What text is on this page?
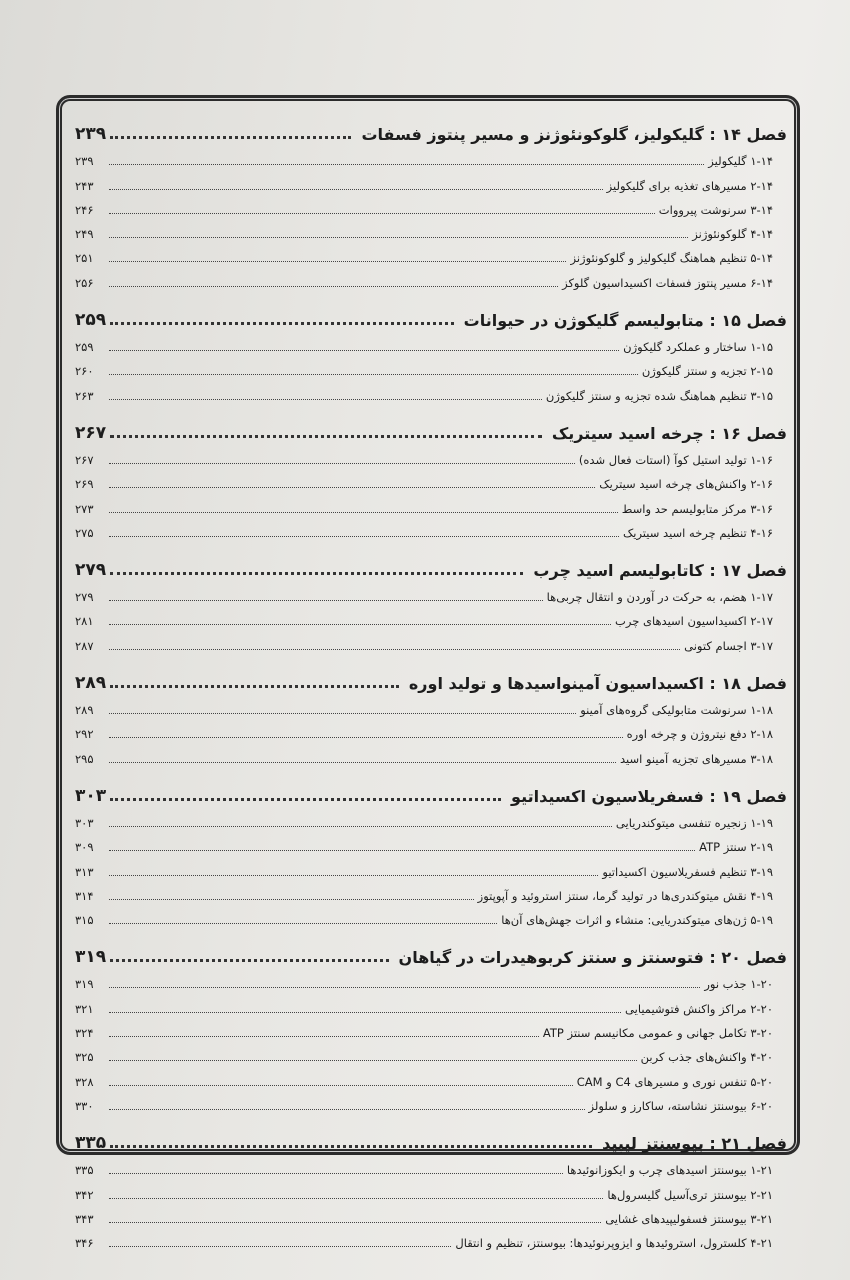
فصل ۱۴ : گلیکولیز، گلوکونئوژنز و مسیر پنتوز فسفات
۲۳۹
۱-۱۴ گلیکولیز
۲۳۹
۲-۱۴ مسیرهای تغذیه برای گلیکولیز
۲۴۳
۳-۱۴ سرنوشت پیرووات
۲۴۶
۴-۱۴ گلوکونئوژنز
۲۴۹
۵-۱۴ تنظیم هماهنگ گلیکولیز و گلوکونئوژنز
۲۵۱
۶-۱۴ مسیر پنتوز فسفات اکسیداسیون گلوکز
۲۵۶
فصل ۱۵ : متابولیسم گلیکوژن در حیوانات
۲۵۹
۱-۱۵ ساختار و عملکرد گلیکوژن
۲۵۹
۲-۱۵ تجزیه و سنتز گلیکوژن
۲۶۰
۳-۱۵ تنظیم هماهنگ شده تجزیه و سنتز گلیکوژن
۲۶۳
فصل ۱۶ : چرخه اسید سیتریک
۲۶۷
۱-۱۶ تولید استیل کوآ (استات فعال شده)
۲۶۷
۲-۱۶ واکنش‌های چرخه اسید سیتریک
۲۶۹
۳-۱۶ مرکز متابولیسم حد واسط
۲۷۳
۴-۱۶ تنظیم چرخه اسید سیتریک
۲۷۵
فصل ۱۷ : کاتابولیسم اسید چرب
۲۷۹
۱-۱۷ هضم، به حرکت در آوردن و انتقال چربی‌ها
۲۷۹
۲-۱۷ اکسیداسیون اسیدهای چرب
۲۸۱
۳-۱۷ اجسام کتونی
۲۸۷
فصل ۱۸ : اکسیداسیون آمینواسیدها و تولید اوره
۲۸۹
۱-۱۸ سرنوشت متابولیکی گروه‌های آمینو
۲۸۹
۲-۱۸ دفع نیتروژن و چرخه اوره
۲۹۲
۳-۱۸ مسیرهای تجزیه آمینو اسید
۲۹۵
فصل ۱۹ : فسفریلاسیون اکسیداتیو
۳۰۳
۱-۱۹ زنجیره تنفسی میتوکندریایی
۳۰۳
۲-۱۹ سنتز ATP
۳۰۹
۳-۱۹ تنظیم فسفریلاسیون اکسیداتیو
۳۱۳
۴-۱۹ نقش میتوکندری‌ها در تولید گرما، سنتز استروئید و آپوپتوز
۳۱۴
۵-۱۹ ژن‌های میتوکندریایی: منشاء و اثرات جهش‌های آن‌ها
۳۱۵
فصل ۲۰ : فتوسنتز و سنتز کربوهیدرات در گیاهان
۳۱۹
۱-۲۰ جذب نور
۳۱۹
۲-۲۰ مراکز واکنش فتوشیمیایی
۳۲۱
۳-۲۰ تکامل جهانی و عمومی مکانیسم سنتز ATP
۳۲۴
۴-۲۰ واکنش‌های جذب کربن
۳۲۵
۵-۲۰ تنفس نوری و مسیرهای C4 و CAM
۳۲۸
۶-۲۰ بیوسنتز نشاسته، ساکارز و سلولز
۳۳۰
فصل ۲۱ : بیوسنتز لیپید
۳۳۵
۱-۲۱ بیوسنتز اسیدهای چرب و ایکوزانوئیدها
۳۳۵
۲-۲۱ بیوسنتز تری‌آسیل گلیسرول‌ها
۳۴۲
۳-۲۱ بیوسنتز فسفولیپیدهای غشایی
۳۴۳
۴-۲۱ کلسترول، استروئیدها و ایزوپرنوئیدها: بیوسنتز، تنظیم و انتقال
۳۴۶
